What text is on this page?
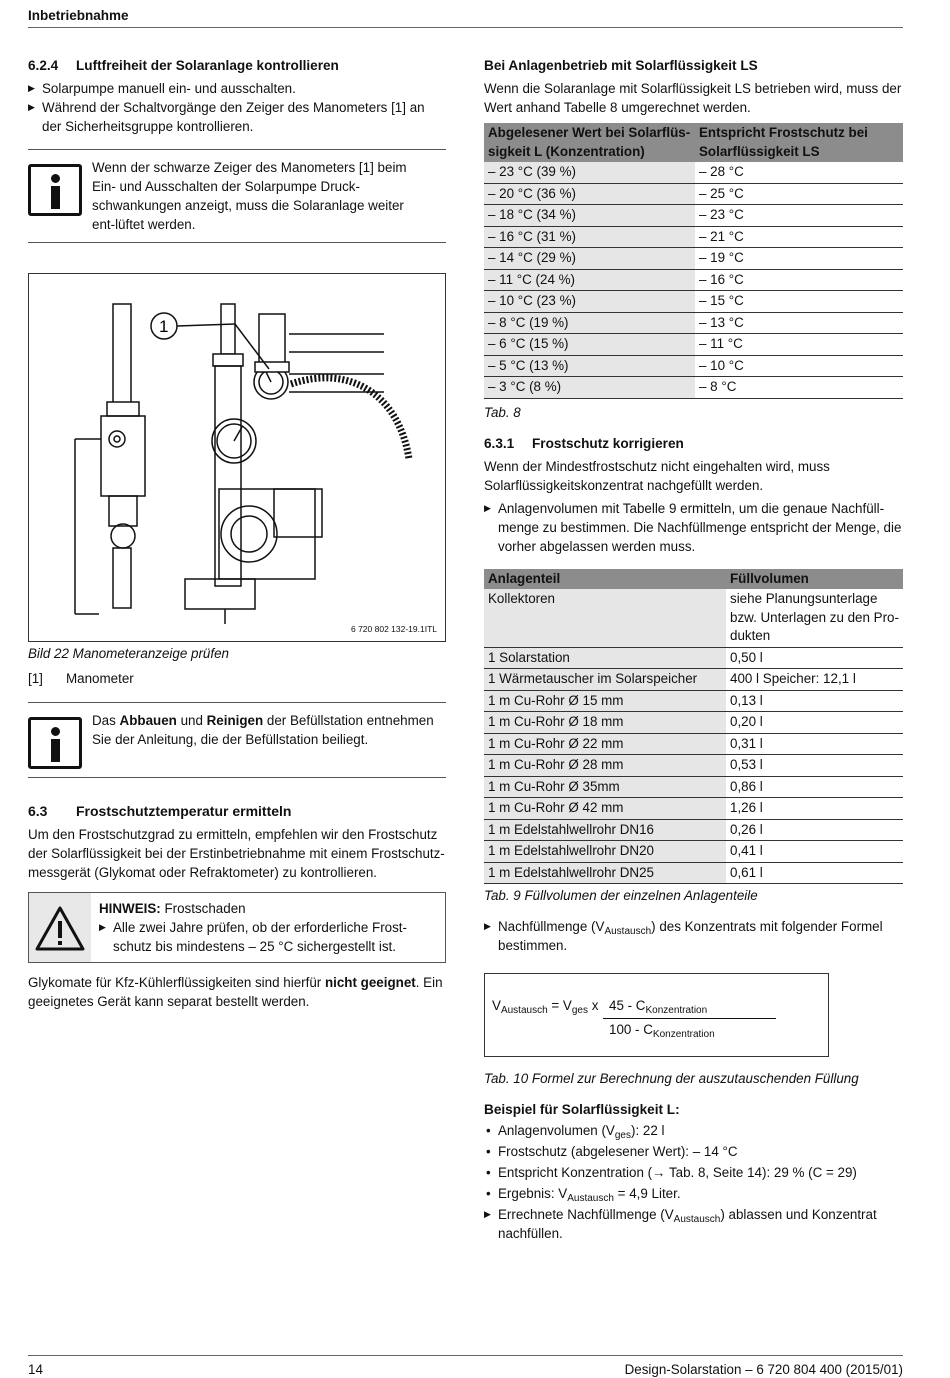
Inbetriebnahme
6.2.4 Luftfreiheit der Solaranlage kontrollieren

▶ Solarpumpe manuell ein- und ausschalten.

▶ Während der Schaltvorgänge den Zeiger des Manometers [1] an der Sicherheitsgruppe kontrollieren.

Wenn der schwarze Zeiger des Manometers [1] beim Ein- und Ausschalten der Solarpumpe Druck-schwankungen anzeigt, muss die Solaranlage weiter ent-lüftet werden.
1
6 720 802 132-19.1ITL

Bild 22 Manometeranzeige prüfen

[1]	Manometer
Das Abbauen und Reinigen der Befüllstation entnehmen Sie der Anleitung, die der Befüllstation beiliegt.
6.3 Frostschutztemperatur ermitteln

Um den Frostschutzgrad zu ermitteln, empfehlen wir den Frostschutz der Solarflüssigkeit bei der Erstinbetriebnahme mit einem Frostschutz-messgerät (Glykomat oder Refraktometer) zu kontrollieren.

HINWEIS: Frostschaden

▶ Alle zwei Jahre prüfen, ob der erforderliche Frost-schutz bis mindestens – 25 °C sichergestellt ist.

Glykomate für Kfz-Kühlerflüssigkeiten sind hierfür nicht geeignet. Ein geeignetes Gerät kann separat bestellt werden.

Bei Anlagenbetrieb mit Solarflüssigkeit LS

Wenn die Solaranlage mit Solarflüssigkeit LS betrieben wird, muss der Wert anhand Tabelle 8 umgerechnet werden.

Abgelesener Wert bei Solarflüs-sigkeit L (Konzentration)	Entspricht Frostschutz bei Solarflüssigkeit LS
– 23 °C (39 %)	– 28 °C
– 20 °C (36 %)	– 25 °C
– 18 °C (34 %)	– 23 °C
– 16 °C (31 %)	– 21 °C
– 14 °C (29 %)	– 19 °C
– 11 °C (24 %)	– 16 °C
– 10 °C (23 %)	– 15 °C
– 8 °C (19 %)	– 13 °C
– 6 °C (15 %)	– 11 °C
– 5 °C (13 %)	– 10 °C
– 3 °C (8 %)	– 8 °C

Tab. 8

6.3.1 Frostschutz korrigieren

Wenn der Mindestfrostschutz nicht eingehalten wird, muss Solarflüssigkeitskonzentrat nachgefüllt werden.

▶ Anlagenvolumen mit Tabelle 9 ermitteln, um die genaue Nachfüll-menge zu bestimmen. Die Nachfüllmenge entspricht der Menge, die vorher abgelassen werden muss.

Anlagenteil	Füllvolumen
Kollektoren	siehe Planungsunterlage bzw. Unterlagen zu den Pro-dukten
1 Solarstation	0,50 l
1 Wärmetauscher im Solarspeicher	400 l Speicher: 12,1 l
1 m Cu-Rohr Ø 15 mm	0,13 l
1 m Cu-Rohr Ø 18 mm	0,20 l
1 m Cu-Rohr Ø 22 mm	0,31 l
1 m Cu-Rohr Ø 28 mm	0,53 l
1 m Cu-Rohr Ø 35mm	0,86 l
1 m Cu-Rohr Ø 42 mm	1,26 l
1 m Edelstahlwellrohr DN16	0,26 l
1 m Edelstahlwellrohr DN20	0,41 l
1 m Edelstahlwellrohr DN25	0,61 l

Tab. 9 Füllvolumen der einzelnen Anlagenteile

▶ Nachfüllmenge $(V_{Austausch})$ des Konzentrats mit folgender Formel bestimmen.

$V_{Austausch} = V_{ges}$ x $45 - C_{Konzentration}$
$100 - C_{Konzentration}$

Tab. 10 Formel zur Berechnung der auszutauschenden Füllung

Beispiel für Solarflüssigkeit L:

• Anlagenvolumen $(V_{ges})$: 22 l

• Frostschutz (abgelesener Wert): – 14 °C

• Entspricht Konzentration (→ Tab. 8, Seite 14): 29 % (C = 29)

• Ergebnis: $V_{Austausch} = 4,9$ Liter.

▶ Errechnete Nachfüllmenge $(V_{Austausch})$ ablassen und Konzentrat nachfüllen.

14	Design-Solarstation – 6 720 804 400 (2015/01)
